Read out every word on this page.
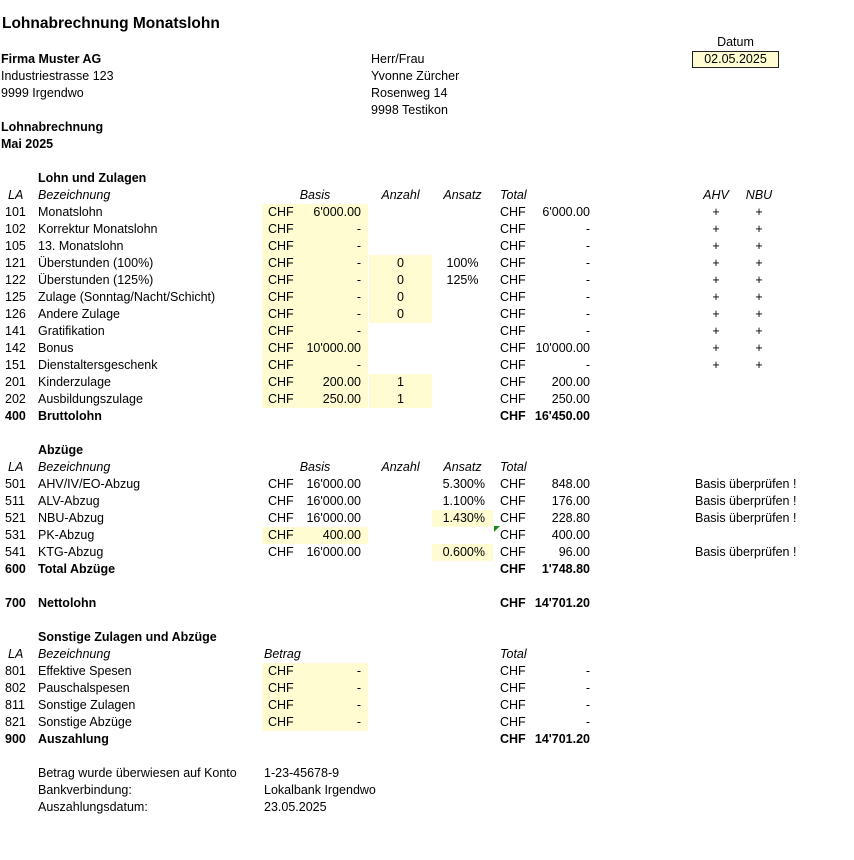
Lohnabrechnung Monatslohn
Datum
02.05.2025
Firma Muster AG
Industriestrasse 123
9999 Irgendwo
Herr/Frau
Yvonne Zürcher
Rosenweg 14
9998 Testikon
Lohnabrechnung
Mai 2025
Lohn und Zulagen
LA Bezeichnung	Basis	Anzahl	Ansatz	Total	AHV	NBU
101 Monatslohn	CHF	6'000.00	CHF	6'000.00	+	+
102 Korrektur Monatslohn	CHF	-	CHF	-	+	+
105 13. Monatslohn	CHF	-	CHF	-	+	+
121 Überstunden (100%)	CHF	-	0	100%	CHF	-	+	+
122 Überstunden (125%)	CHF	-	0	125%	CHF	-	+	+
125 Zulage (Sonntag/Nacht/Schicht)	CHF	-	0	CHF	-	+	+
126 Andere Zulage	CHF	-	0	CHF	-	+	+
141 Gratifikation	CHF	-	CHF	-	+	+
142 Bonus	CHF	10'000.00	CHF 10'000.00	+	+
151 Dienstaltersgeschenk	CHF	-	CHF	-	+	+
201 Kinderzulage	CHF	200.00	1	CHF	200.00
202 Ausbildungszulage	CHF	250.00	1	CHF	250.00
400 Bruttolohn	CHF 16'450.00
Abzüge
LA Bezeichnung	Basis	Anzahl	Ansatz	Total
501 AHV/IV/EO-Abzug	CHF	16'000.00	5.300% CHF	848.00	Basis überprüfen !
511 ALV-Abzug	CHF	16'000.00	1.100% CHF	176.00	Basis überprüfen !
521 NBU-Abzug	CHF	16'000.00	1.430% CHF	228.80	Basis überprüfen !
531 PK-Abzug	CHF	400.00	CHF	400.00
541 KTG-Abzug	CHF	16'000.00	0.600% CHF	96.00	Basis überprüfen !
600 Total Abzüge	CHF	1'748.80
700 Nettolohn	CHF 14'701.20
Sonstige Zulagen und Abzüge
LA Bezeichnung	Betrag	Total
801 Effektive Spesen	CHF	-	CHF	-
802 Pauschalspesen	CHF	-	CHF	-
811 Sonstige Zulagen	CHF	-	CHF	-
821 Sonstige Abzüge	CHF	-	CHF	-
900 Auszahlung	CHF 14'701.20
Betrag wurde überwiesen auf Konto 1-23-45678-9
Bankverbindung:	Lokalbank Irgendwo
Auszahlungsdatum:	23.05.2025
